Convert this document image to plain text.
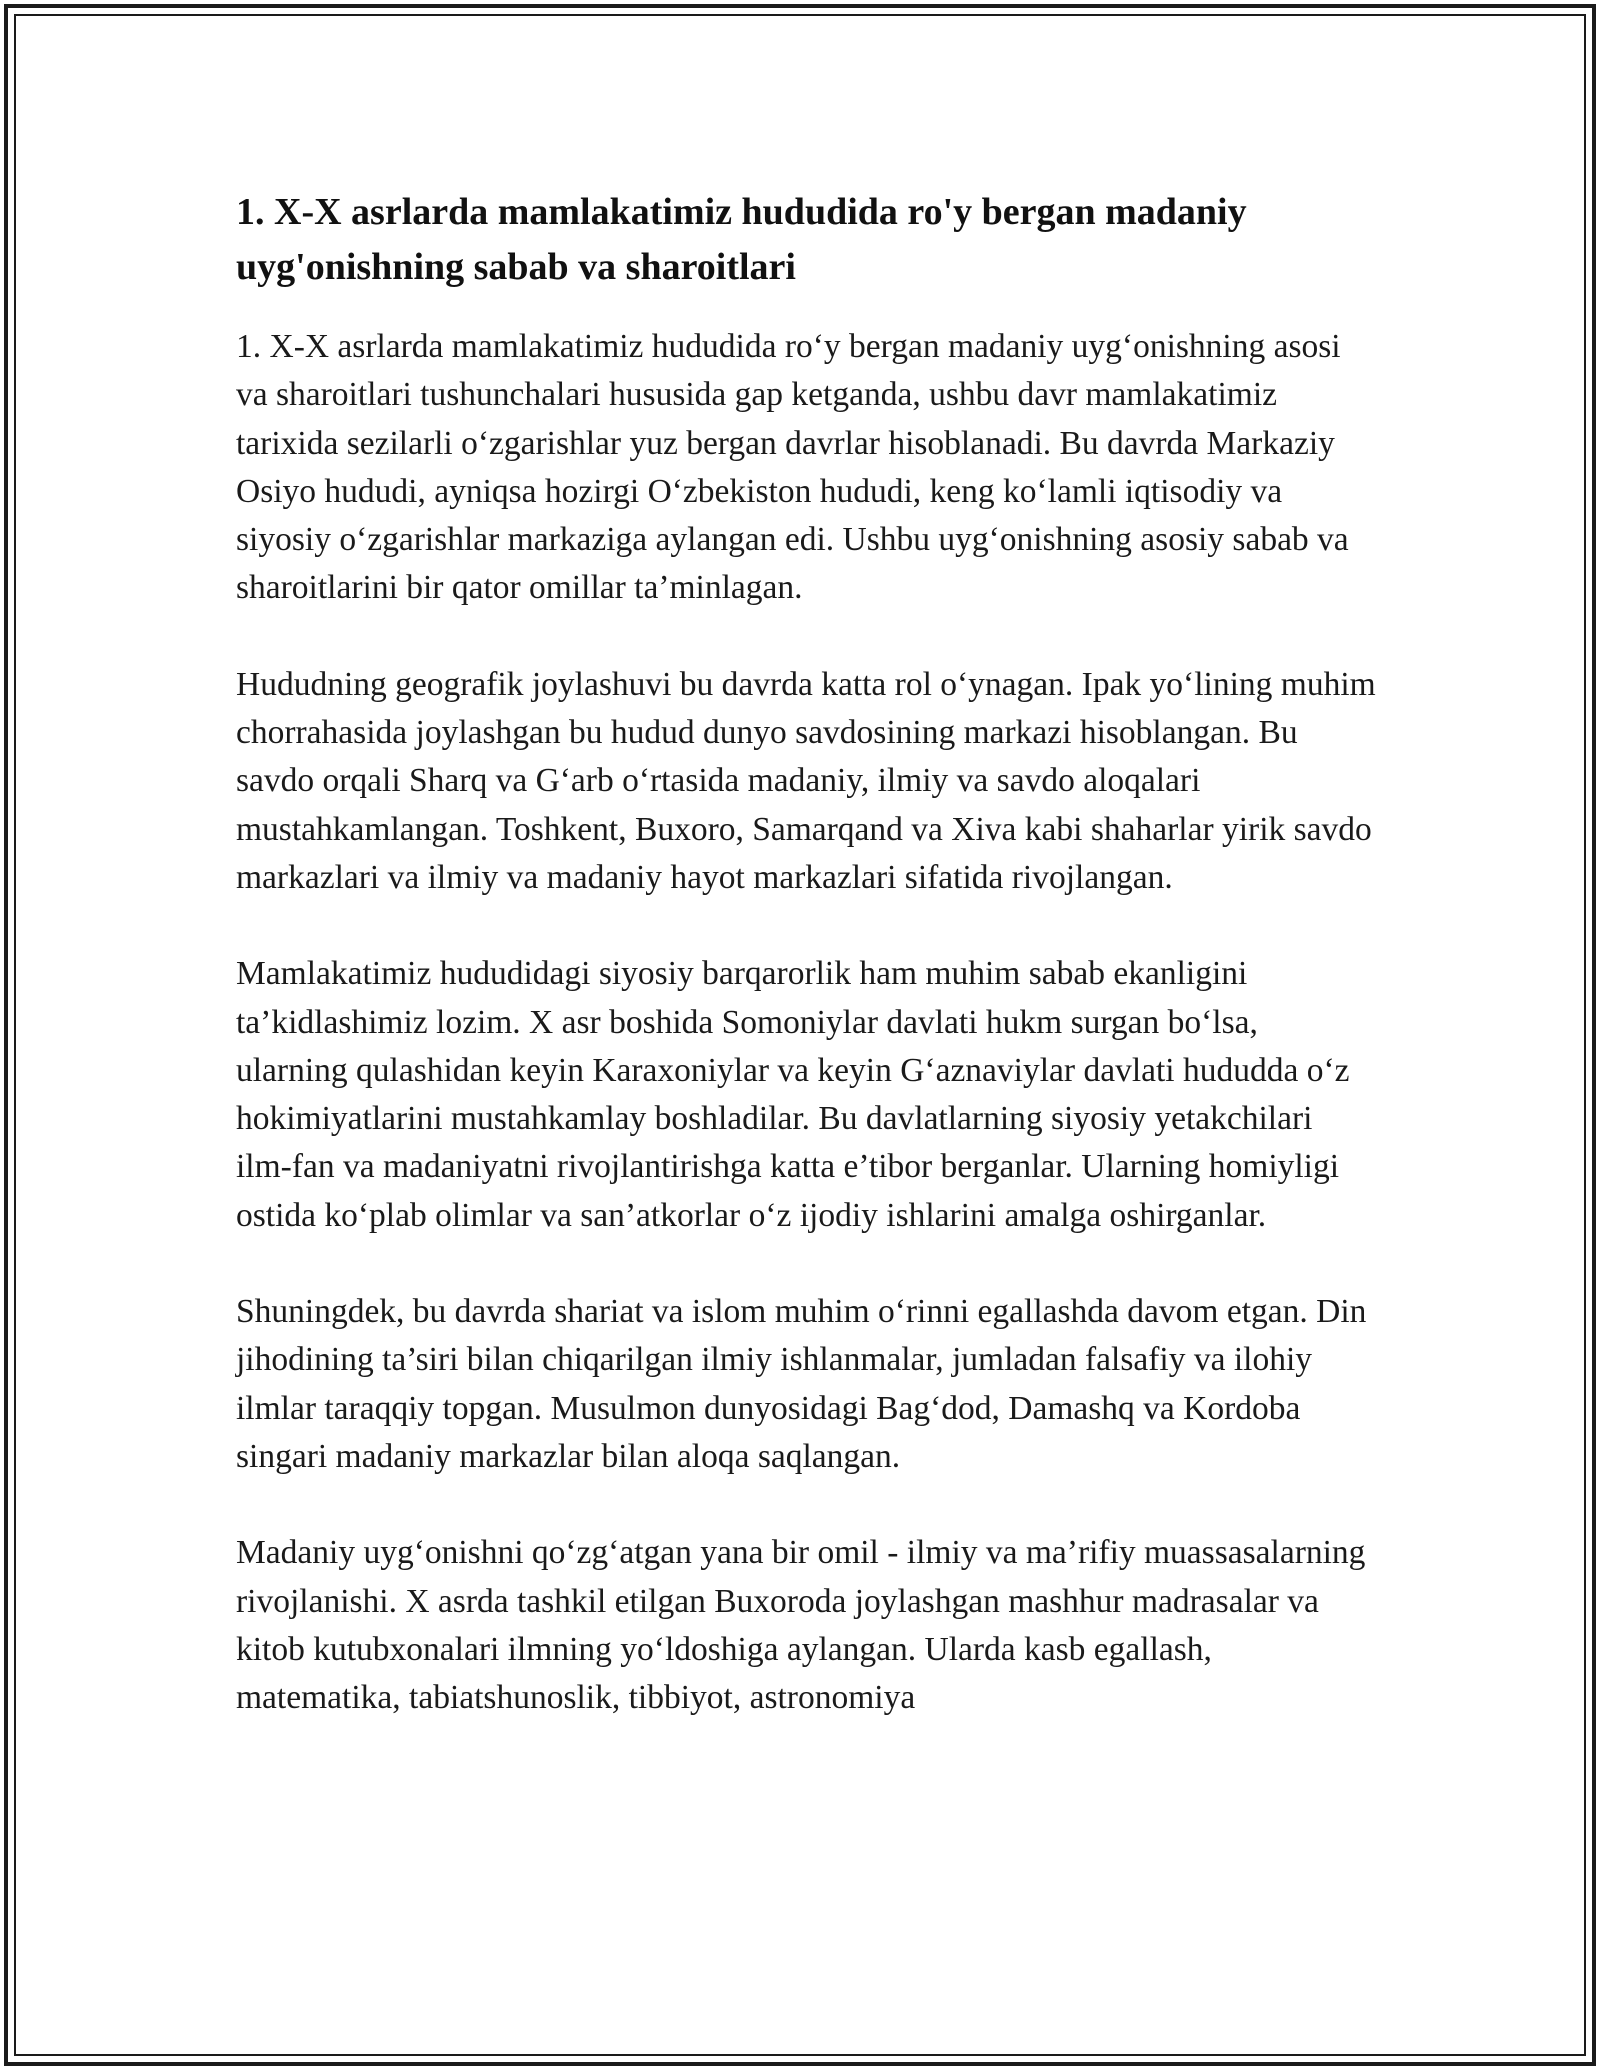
1. X-X asrlarda mamlakatimiz hududida ro'y bergan madaniy uyg'onishning sabab va sharoitlari

1. X-X asrlarda mamlakatimiz hududida ro‘y bergan madaniy uyg‘onishning asosi va sharoitlari tushunchalari hususida gap ketganda, ushbu davr mamlakatimiz tarixida sezilarli o‘zgarishlar yuz bergan davrlar hisoblanadi. Bu davrda Markaziy Osiyo hududi, ayniqsa hozirgi O‘zbekiston hududi, keng ko‘lamli iqtisodiy va siyosiy o‘zgarishlar markaziga aylangan edi. Ushbu uyg‘onishning asosiy sabab va sharoitlarini bir qator omillar ta’minlagan.

Hududning geografik joylashuvi bu davrda katta rol o‘ynagan. Ipak yo‘lining muhim chorrahasida joylashgan bu hudud dunyo savdosining markazi hisoblangan. Bu savdo orqali Sharq va G‘arb o‘rtasida madaniy, ilmiy va savdo aloqalari mustahkamlangan. Toshkent, Buxoro, Samarqand va Xiva kabi shaharlar yirik savdo markazlari va ilmiy va madaniy hayot markazlari sifatida rivojlangan.

Mamlakatimiz hududidagi siyosiy barqarorlik ham muhim sabab ekanligini ta’kidlashimiz lozim. X asr boshida Somoniylar davlati hukm surgan bo‘lsa, ularning qulashidan keyin Karaxoniylar va keyin G‘aznaviylar davlati hududda o‘z hokimiyatlarini mustahkamlay boshladilar. Bu davlatlarning siyosiy yetakchilari ilm-fan va madaniyatni rivojlantirishga katta e’tibor berganlar. Ularning homiyligi ostida ko‘plab olimlar va san’atkorlar o‘z ijodiy ishlarini amalga oshirganlar.

Shuningdek, bu davrda shariat va islom muhim o‘rinni egallashda davom etgan. Din jihodining ta’siri bilan chiqarilgan ilmiy ishlanmalar, jumladan falsafiy va ilohiy ilmlar taraqqiy topgan. Musulmon dunyosidagi Bag‘dod, Damashq va Kordoba singari madaniy markazlar bilan aloqa saqlangan.

Madaniy uyg‘onishni qo‘zg‘atgan yana bir omil - ilmiy va ma’rifiy muassasalarning rivojlanishi. X asrda tashkil etilgan Buxoroda joylashgan mashhur madrasalar va kitob kutubxonalari ilmning yo‘ldoshiga aylangan. Ularda kasb egallash, matematika, tabiatshunoslik, tibbiyot, astronomiya
